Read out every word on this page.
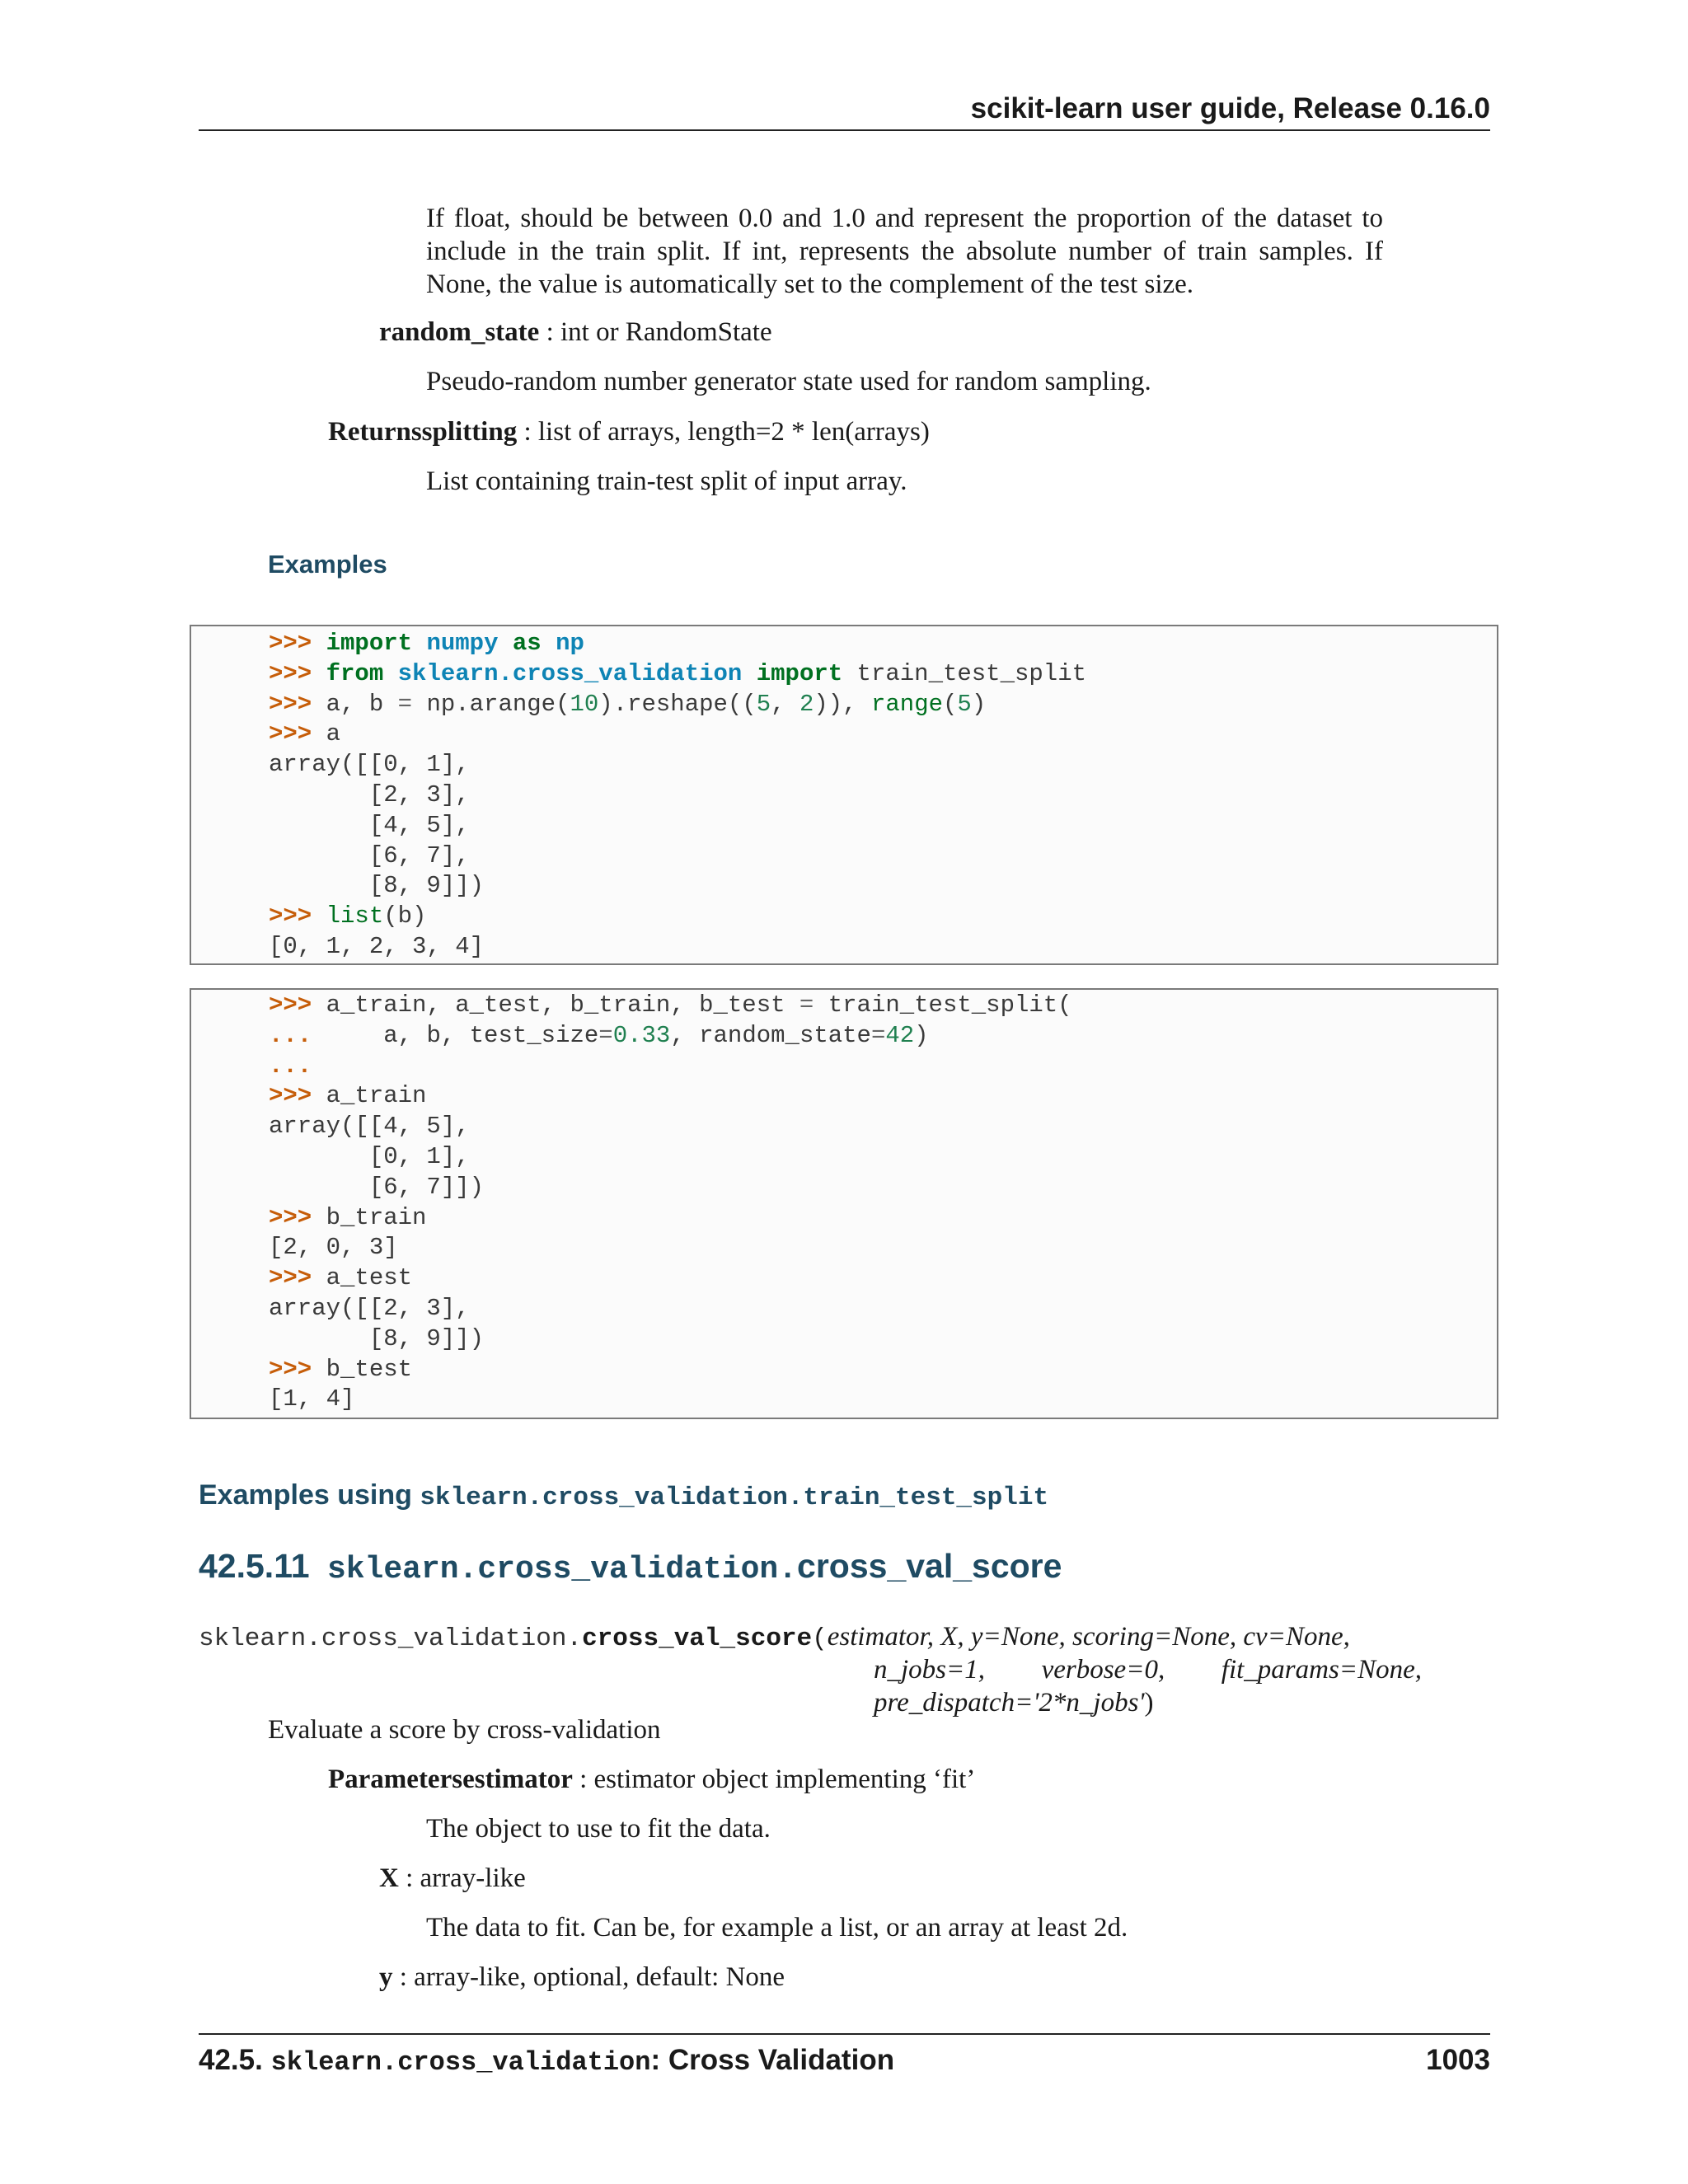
scikit-learn user guide, Release 0.16.0
If float, should be between 0.0 and 1.0 and represent the proportion of the dataset to include in the train split. If int, represents the absolute number of train samples. If None, the value is automatically set to the complement of the test size.
random_state : int or RandomState
Pseudo-random number generator state used for random sampling.
Returnssplitting : list of arrays, length=2 * len(arrays)
List containing train-test split of input array.
Examples
>>> import numpy as np
>>> from sklearn.cross_validation import train_test_split
>>> a, b = np.arange(10).reshape((5, 2)), range(5)
>>> a
array([[0, 1],
[2, 3],
[4, 5],
[6, 7],
[8, 9]])
>>> list(b)
[0, 1, 2, 3, 4]
>>> a_train, a_test, b_train, b_test = train_test_split(
...     a, b, test_size=0.33, random_state=42)
...
>>> a_train
array([[4, 5],
[0, 1],
[6, 7]])
>>> b_train
[2, 0, 3]
>>> a_test
array([[2, 3],
[8, 9]])
>>> b_test
[1, 4]
Examples using sklearn.cross_validation.train_test_split
42.5.11 sklearn.cross_validation.cross_val_score
sklearn.cross_validation.cross_val_score(estimator, X, y=None, scoring=None, cv=None,
n_jobs=1, verbose=0, fit_params=None,
pre_dispatch='2*n_jobs')
Evaluate a score by cross-validation
Parametersestimator : estimator object implementing ‘fit’
The object to use to fit the data.
X : array-like
The data to fit. Can be, for example a list, or an array at least 2d.
y : array-like, optional, default: None
42.5. sklearn.cross_validation: Cross Validation	1003
